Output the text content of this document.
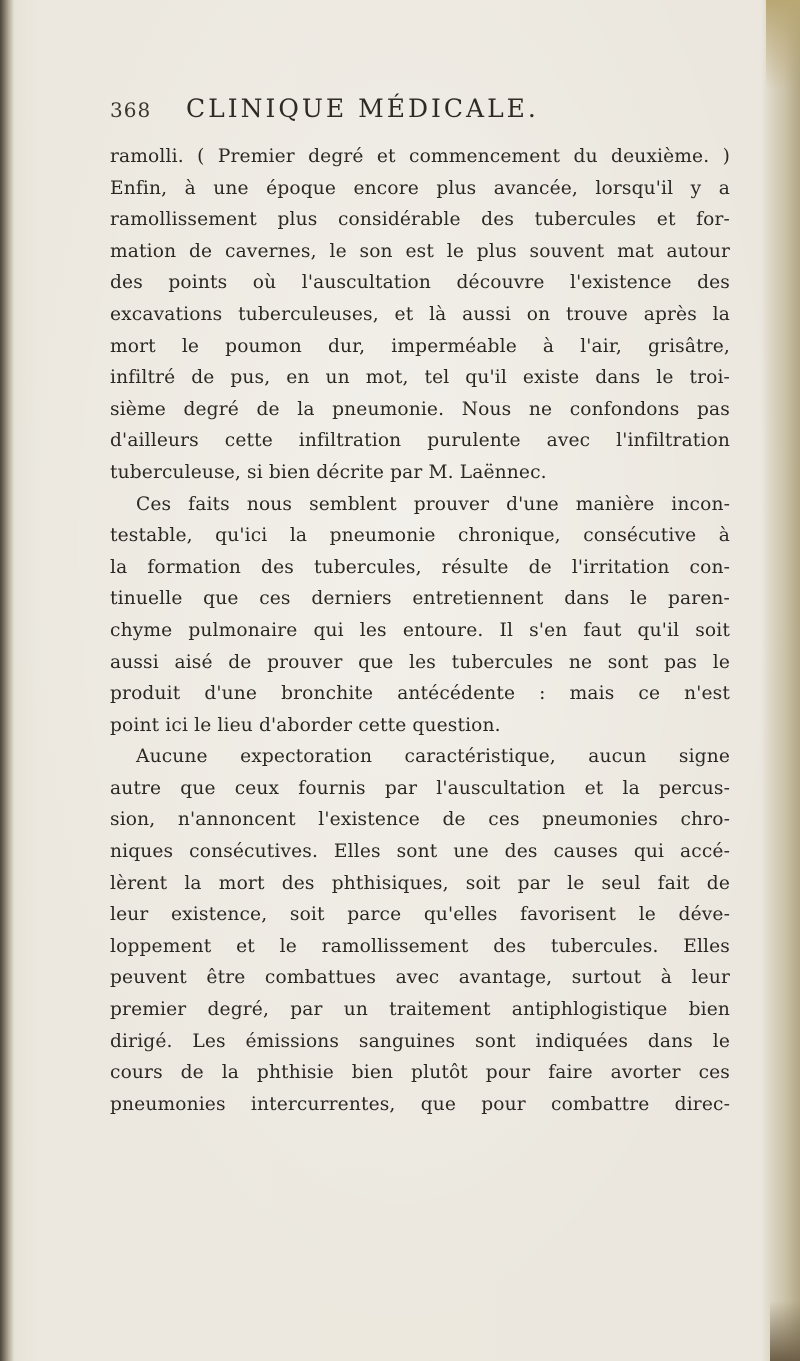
368 CLINIQUE MÉDICALE.
ramolli. ( Premier degré et commencement du deuxième. )
Enfin, à une époque encore plus avancée, lorsqu'il y a
ramollissement plus considérable des tubercules et for-
mation de cavernes, le son est le plus souvent mat autour
des points où l'auscultation découvre l'existence des
excavations tuberculeuses, et là aussi on trouve après la
mort le poumon dur, imperméable à l'air, grisâtre,
infiltré de pus, en un mot, tel qu'il existe dans le troi-
sième degré de la pneumonie. Nous ne confondons pas
d'ailleurs cette infiltration purulente avec l'infiltration
tuberculeuse, si bien décrite par M. Laënnec.
Ces faits nous semblent prouver d'une manière incon-
testable, qu'ici la pneumonie chronique, consécutive à
la formation des tubercules, résulte de l'irritation con-
tinuelle que ces derniers entretiennent dans le paren-
chyme pulmonaire qui les entoure. Il s'en faut qu'il soit
aussi aisé de prouver que les tubercules ne sont pas le
produit d'une bronchite antécédente : mais ce n'est
point ici le lieu d'aborder cette question.
Aucune expectoration caractéristique, aucun signe
autre que ceux fournis par l'auscultation et la percus-
sion, n'annoncent l'existence de ces pneumonies chro-
niques consécutives. Elles sont une des causes qui accé-
lèrent la mort des phthisiques, soit par le seul fait de
leur existence, soit parce qu'elles favorisent le déve-
loppement et le ramollissement des tubercules. Elles
peuvent être combattues avec avantage, surtout à leur
premier degré, par un traitement antiphlogistique bien
dirigé. Les émissions sanguines sont indiquées dans le
cours de la phthisie bien plutôt pour faire avorter ces
pneumonies intercurrentes, que pour combattre direc-
